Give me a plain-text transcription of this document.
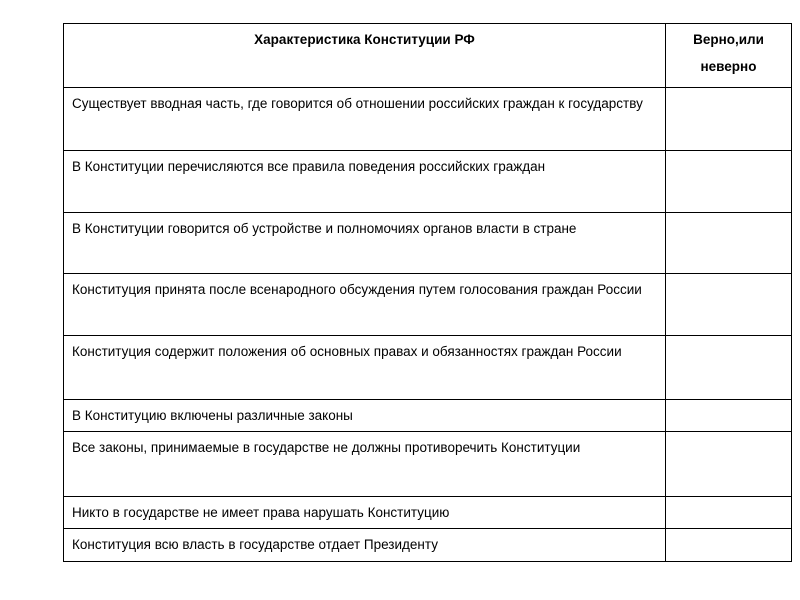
Характеристика Конституции РФ	Верно,или неверно
Существует вводная часть, где говорится об отношении российских граждан к государству	
В Конституции перечисляются все правила поведения российских граждан	
В Конституции говорится об устройстве и полномочиях органов власти в стране	
Конституция принята после всенародного обсуждения путем голосования граждан России	
Конституция содержит положения об основных правах и обязанностях граждан России	
В Конституцию включены различные законы	
Все законы, принимаемые в государстве не должны противоречить Конституции	
Никто в государстве не имеет права нарушать Конституцию	
Конституция всю власть в государстве отдает Президенту	
